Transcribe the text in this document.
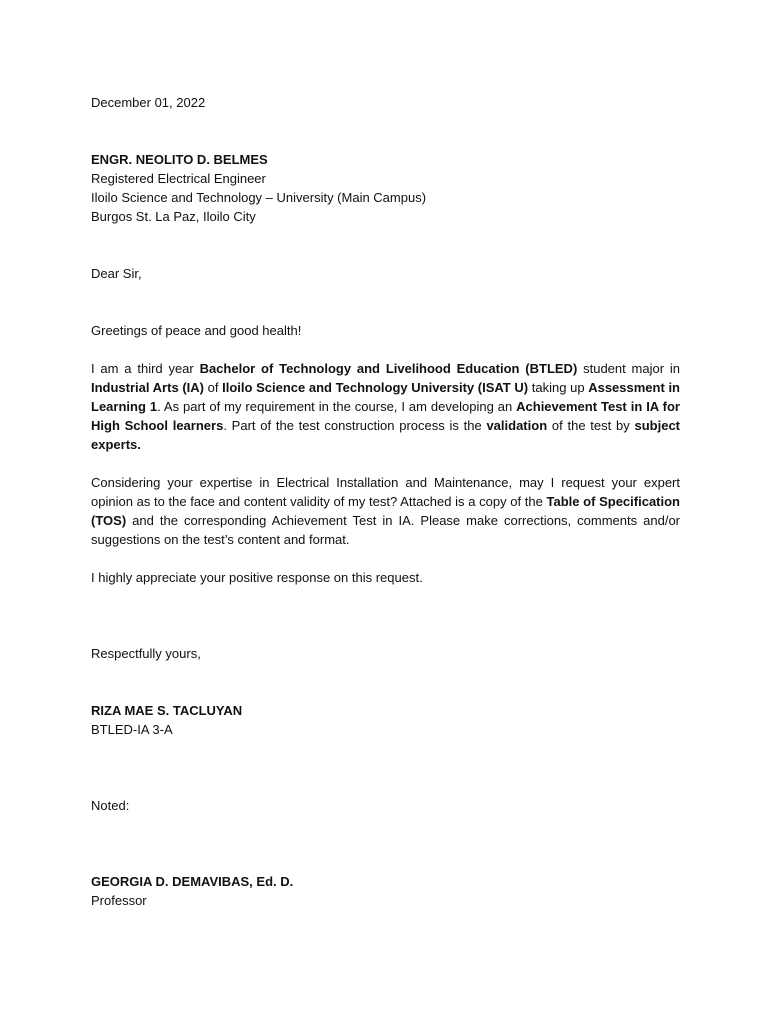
December 01, 2022
ENGR. NEOLITO D. BELMES
Registered Electrical Engineer
Iloilo Science and Technology – University (Main Campus)
Burgos St. La Paz, Iloilo City
Dear Sir,
Greetings of peace and good health!

I am a third year Bachelor of Technology and Livelihood Education (BTLED) student major in Industrial Arts (IA) of Iloilo Science and Technology University (ISAT U) taking up Assessment in Learning 1. As part of my requirement in the course, I am developing an Achievement Test in IA for High School learners. Part of the test construction process is the validation of the test by subject experts.

Considering your expertise in Electrical Installation and Maintenance, may I request your expert opinion as to the face and content validity of my test? Attached is a copy of the Table of Specification (TOS) and the corresponding Achievement Test in IA. Please make corrections, comments and/or suggestions on the test’s content and format.

I highly appreciate your positive response on this request.
Respectfully yours,
RIZA MAE S. TACLUYAN
BTLED-IA 3-A
Noted:
GEORGIA D. DEMAVIBAS, Ed. D.
Professor
